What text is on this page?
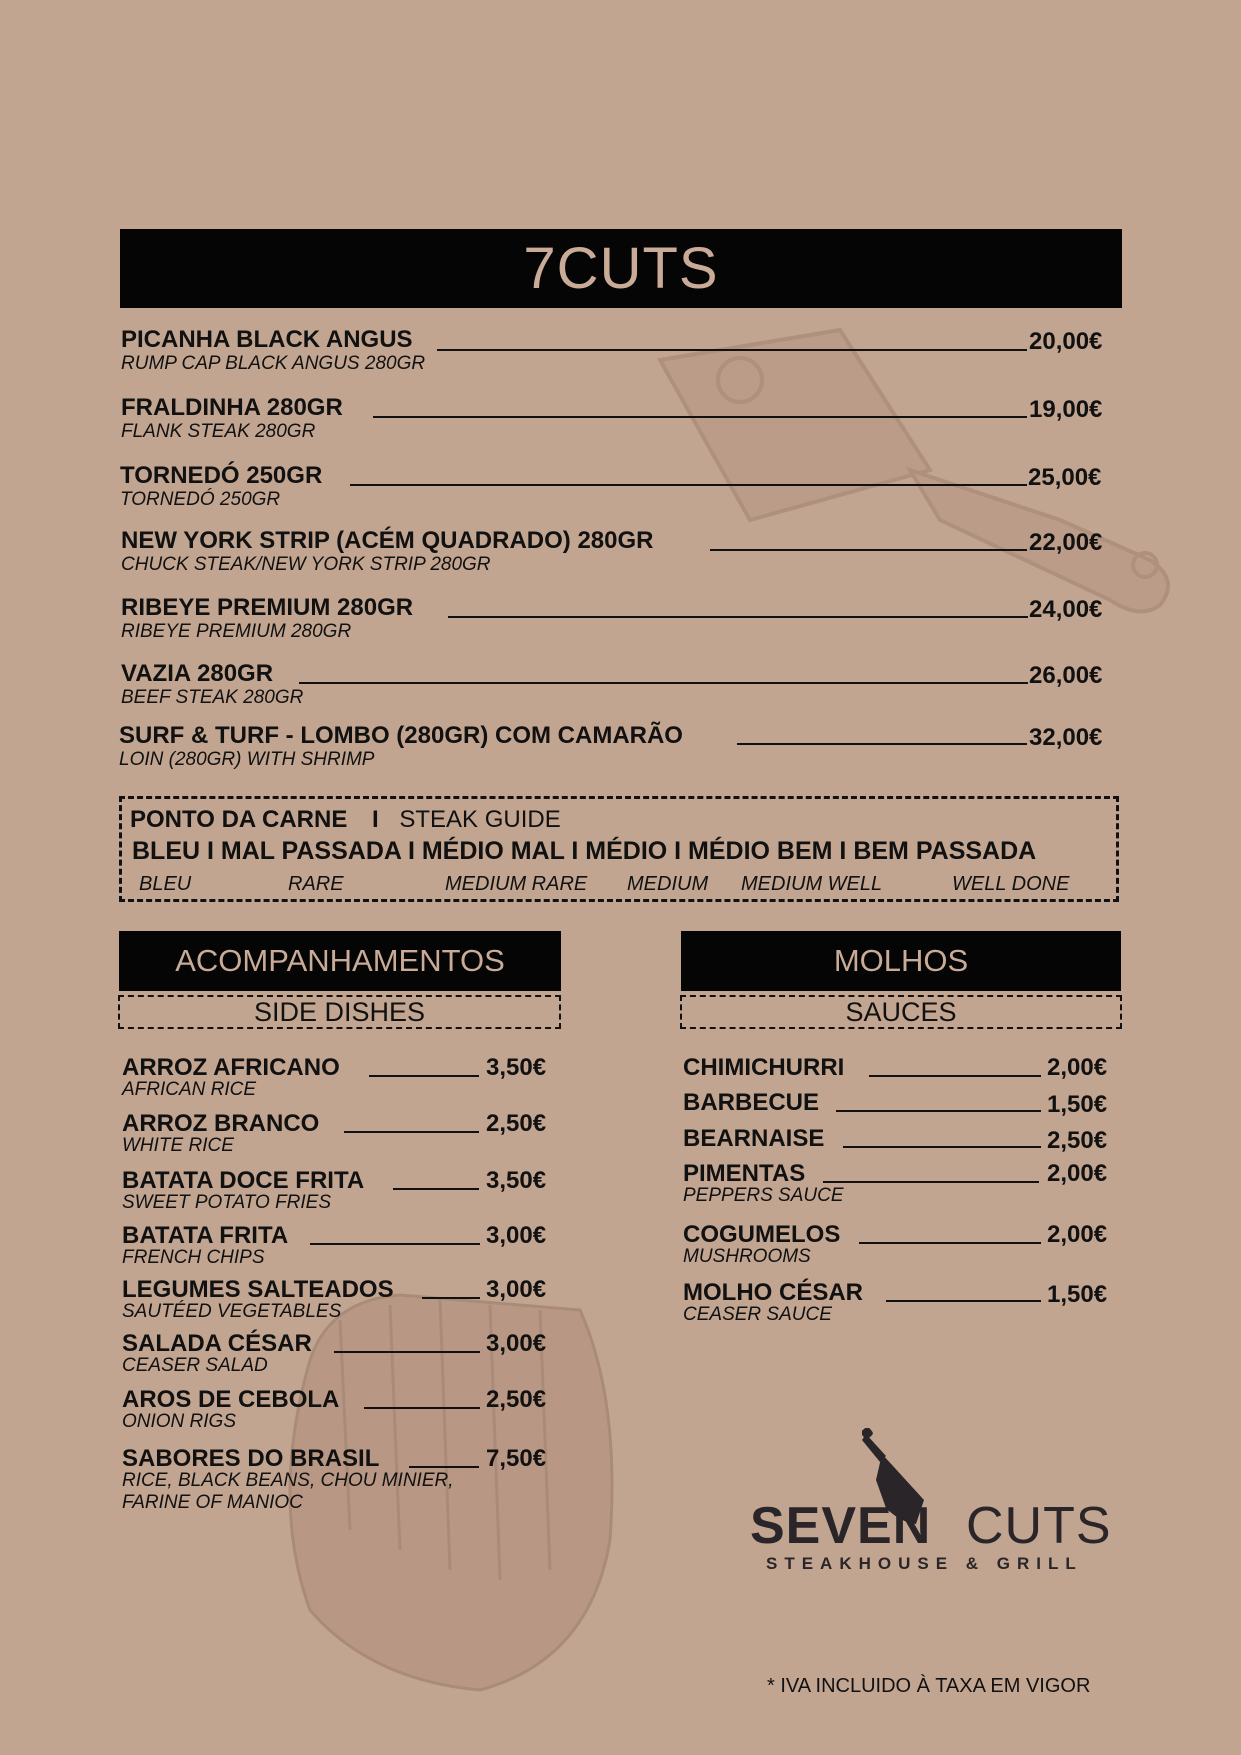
7CUTS
PICANHA BLACK ANGUS
RUMP CAP BLACK ANGUS 280GR
20,00€
FRALDINHA 280GR
FLANK STEAK 280GR
19,00€
TORNEDÓ 250GR
TORNEDÓ 250GR
25,00€
NEW YORK STRIP (ACÉM QUADRADO) 280GR
CHUCK STEAK/NEW YORK STRIP 280GR
22,00€
RIBEYE PREMIUM 280GR
RIBEYE PREMIUM 280GR
24,00€
VAZIA 280GR
BEEF STEAK 280GR
26,00€
SURF & TURF - LOMBO (280GR) COM CAMARÃO
LOIN (280GR) WITH SHRIMP
32,00€
PONTO DA CARNE I STEAK GUIDE
BLEU I MAL PASSADA I MÉDIO MAL I MÉDIO I MÉDIO BEM I BEM PASSADA
BLEU	RARE	MEDIUM RARE MEDIUM MEDIUM WELL	WELL DONE
ACOMPANHAMENTOS
SIDE DISHES
ARROZ AFRICANO
AFRICAN RICE
3,50€
ARROZ BRANCO
WHITE RICE
2,50€
BATATA DOCE FRITA
SWEET POTATO FRIES
3,50€
BATATA FRITA
FRENCH CHIPS
3,00€
LEGUMES SALTEADOS
SAUTÉED VEGETABLES
3,00€
SALADA CÉSAR
CEASER SALAD
3,00€
AROS DE CEBOLA
ONION RIGS
2,50€
SABORES DO BRASIL
RICE, BLACK BEANS, CHOU MINIER,
FARINE OF MANIOC
7,50€
MOLHOS
SAUCES
CHIMICHURRI	2,00€
BARBECUE	1,50€
BEARNAISE	2,50€
PIMENTAS
PEPPERS SAUCE
2,00€
COGUMELOS
MUSHROOMS
2,00€
MOLHO CÉSAR
CEASER SAUCE
1,50€
SEVEN CUTS
STEAKHOUSE & GRILL
* IVA INCLUIDO À TAXA EM VIGOR
